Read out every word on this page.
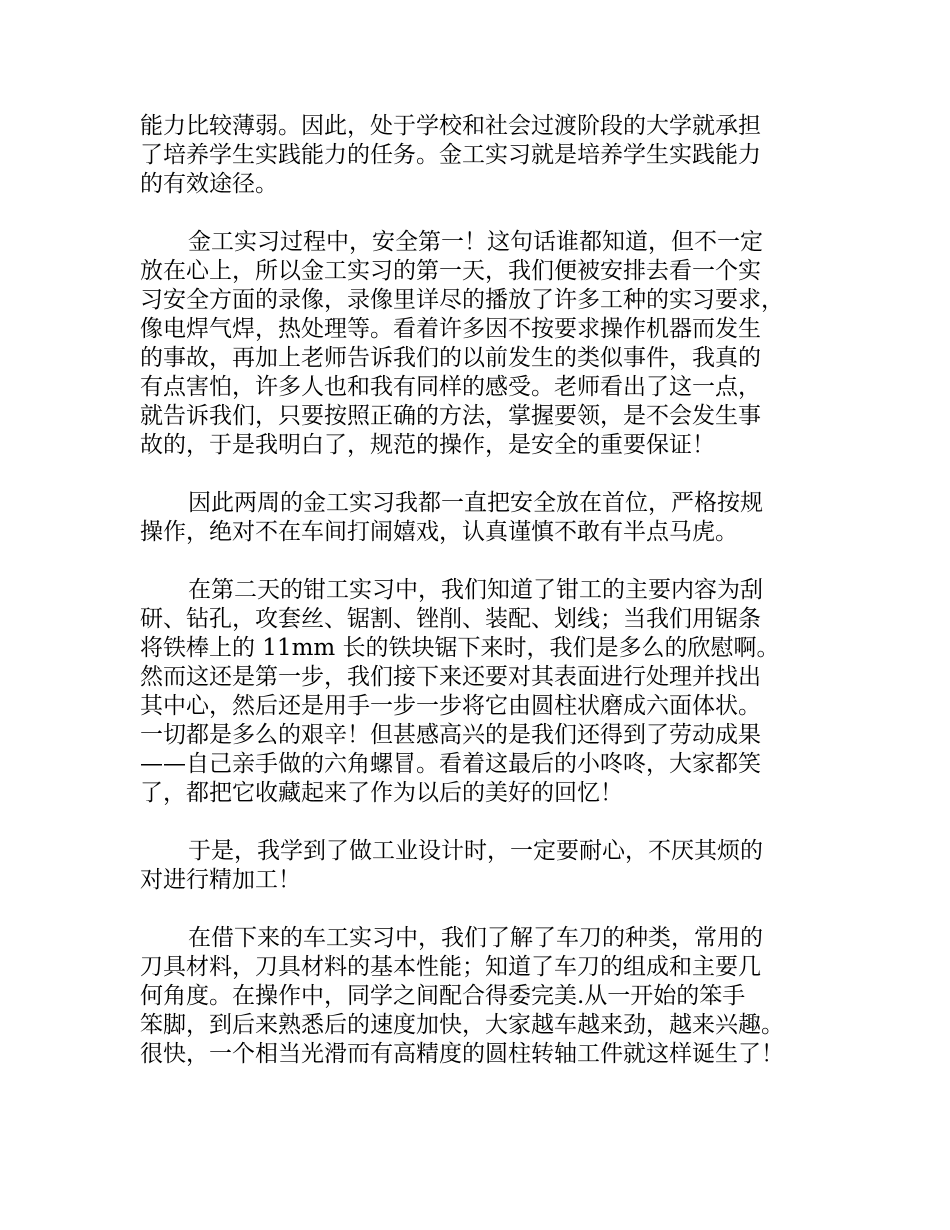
能力比较薄弱。因此，处于学校和社会过渡阶段的大学就承担
了培养学生实践能力的任务。金工实习就是培养学生实践能力
的有效途径。
金工实习过程中，安全第一！这句话谁都知道，但不一定
放在心上，所以金工实习的第一天，我们便被安排去看一个实
习安全方面的录像，录像里详尽的播放了许多工种的实习要求，
像电焊气焊，热处理等。看着许多因不按要求操作机器而发生
的事故，再加上老师告诉我们的以前发生的类似事件，我真的
有点害怕，许多人也和我有同样的感受。老师看出了这一点，
就告诉我们，只要按照正确的方法，掌握要领，是不会发生事
故的，于是我明白了，规范的操作，是安全的重要保证！
因此两周的金工实习我都一直把安全放在首位，严格按规
操作，绝对不在车间打闹嬉戏，认真谨慎不敢有半点马虎。
在第二天的钳工实习中，我们知道了钳工的主要内容为刮
研、钻孔，攻套丝、锯割、锉削、装配、划线；当我们用锯条
将铁棒上的 11mm 长的铁块锯下来时，我们是多么的欣慰啊。
然而这还是第一步，我们接下来还要对其表面进行处理并找出
其中心，然后还是用手一步一步将它由圆柱状磨成六面体状。
一切都是多么的艰辛！但甚感高兴的是我们还得到了劳动成果
——自己亲手做的六角螺冒。看着这最后的小咚咚，大家都笑
了，都把它收藏起来了作为以后的美好的回忆！
于是，我学到了做工业设计时，一定要耐心，不厌其烦的
对进行精加工！
在借下来的车工实习中，我们了解了车刀的种类，常用的
刀具材料，刀具材料的基本性能；知道了车刀的组成和主要几
何角度。在操作中，同学之间配合得委完美.从一开始的笨手
笨脚，到后来熟悉后的速度加快，大家越车越来劲，越来兴趣。
很快，一个相当光滑而有高精度的圆柱转轴工件就这样诞生了！
